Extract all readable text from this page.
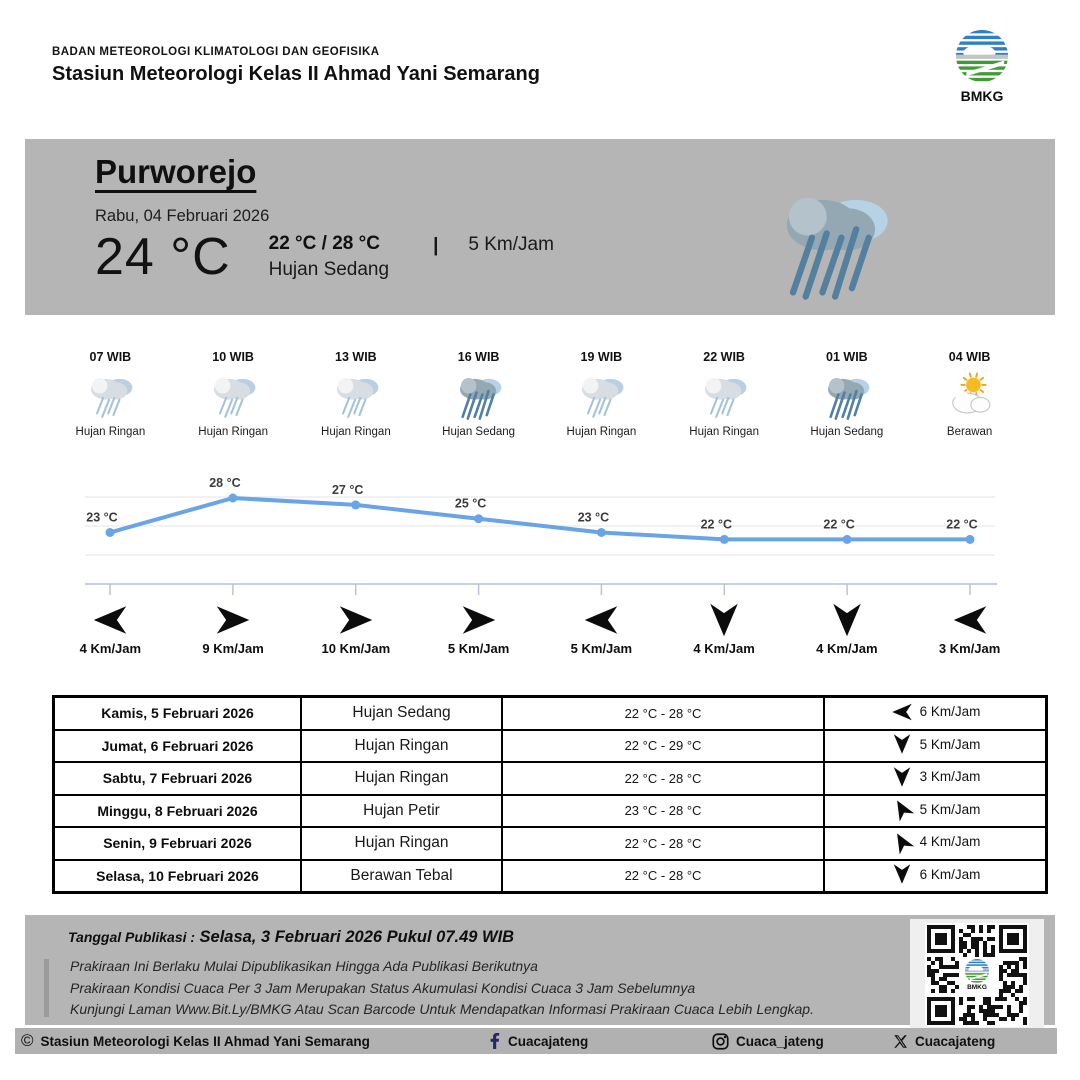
BADAN METEOROLOGI KLIMATOLOGI DAN GEOFISIKA
Stasiun Meteorologi Kelas II Ahmad Yani Semarang
BMKG
Purworejo
Rabu, 04 Februari 2026
24 °C 22 °C / 28 °C
Hujan Sedang
| 5 Km/Jam
07 WIB
Hujan Ringan
10 WIB
Hujan Ringan
13 WIB
Hujan Ringan
16 WIB
Hujan Sedang
19 WIB
Hujan Ringan
22 WIB
Hujan Ringan
01 WIB
Hujan Sedang
04 WIB
Berawan
23 °C
28 °C	27 °C
25 °C
23 °C	22 °C	22 °C	22 °C
4 Km/Jam	9 Km/Jam	10 Km/Jam	5 Km/Jam	5 Km/Jam	4 Km/Jam	4 Km/Jam	3 Km/Jam
Kamis, 5 Februari 2026	Hujan Sedang	22 °C - 28 °C	6 Km/Jam

Jumat, 6 Februari 2026	Hujan Ringan	22 °C - 29 °C	5 Km/Jam

Sabtu, 7 Februari 2026	Hujan Ringan	22 °C - 28 °C	3 Km/Jam

Minggu, 8 Februari 2026	Hujan Petir	23 °C - 28 °C	5 Km/Jam

Senin, 9 Februari 2026	Hujan Ringan	22 °C - 28 °C	4 Km/Jam

Selasa, 10 Februari 2026	Berawan Tebal	22 °C - 28 °C	6 Km/Jam
Tanggal Publikasi : Selasa, 3 Februari 2026 Pukul 07.49 WIB
Prakiraan Ini Berlaku Mulai Dipublikasikan Hingga Ada Publikasi Berikutnya
Prakiraan Kondisi Cuaca Per 3 Jam Merupakan Status Akumulasi Kondisi Cuaca 3 Jam Sebelumnya
Kunjungi Laman Www.Bit.Ly/BMKG Atau Scan Barcode Untuk Mendapatkan Informasi Prakiraan Cuaca Lebih Lengkap.
BMKG
© Stasiun Meteorologi Kelas II Ahmad Yani Semarang	Cuacajateng	Cuaca_jateng	Cuacajateng
